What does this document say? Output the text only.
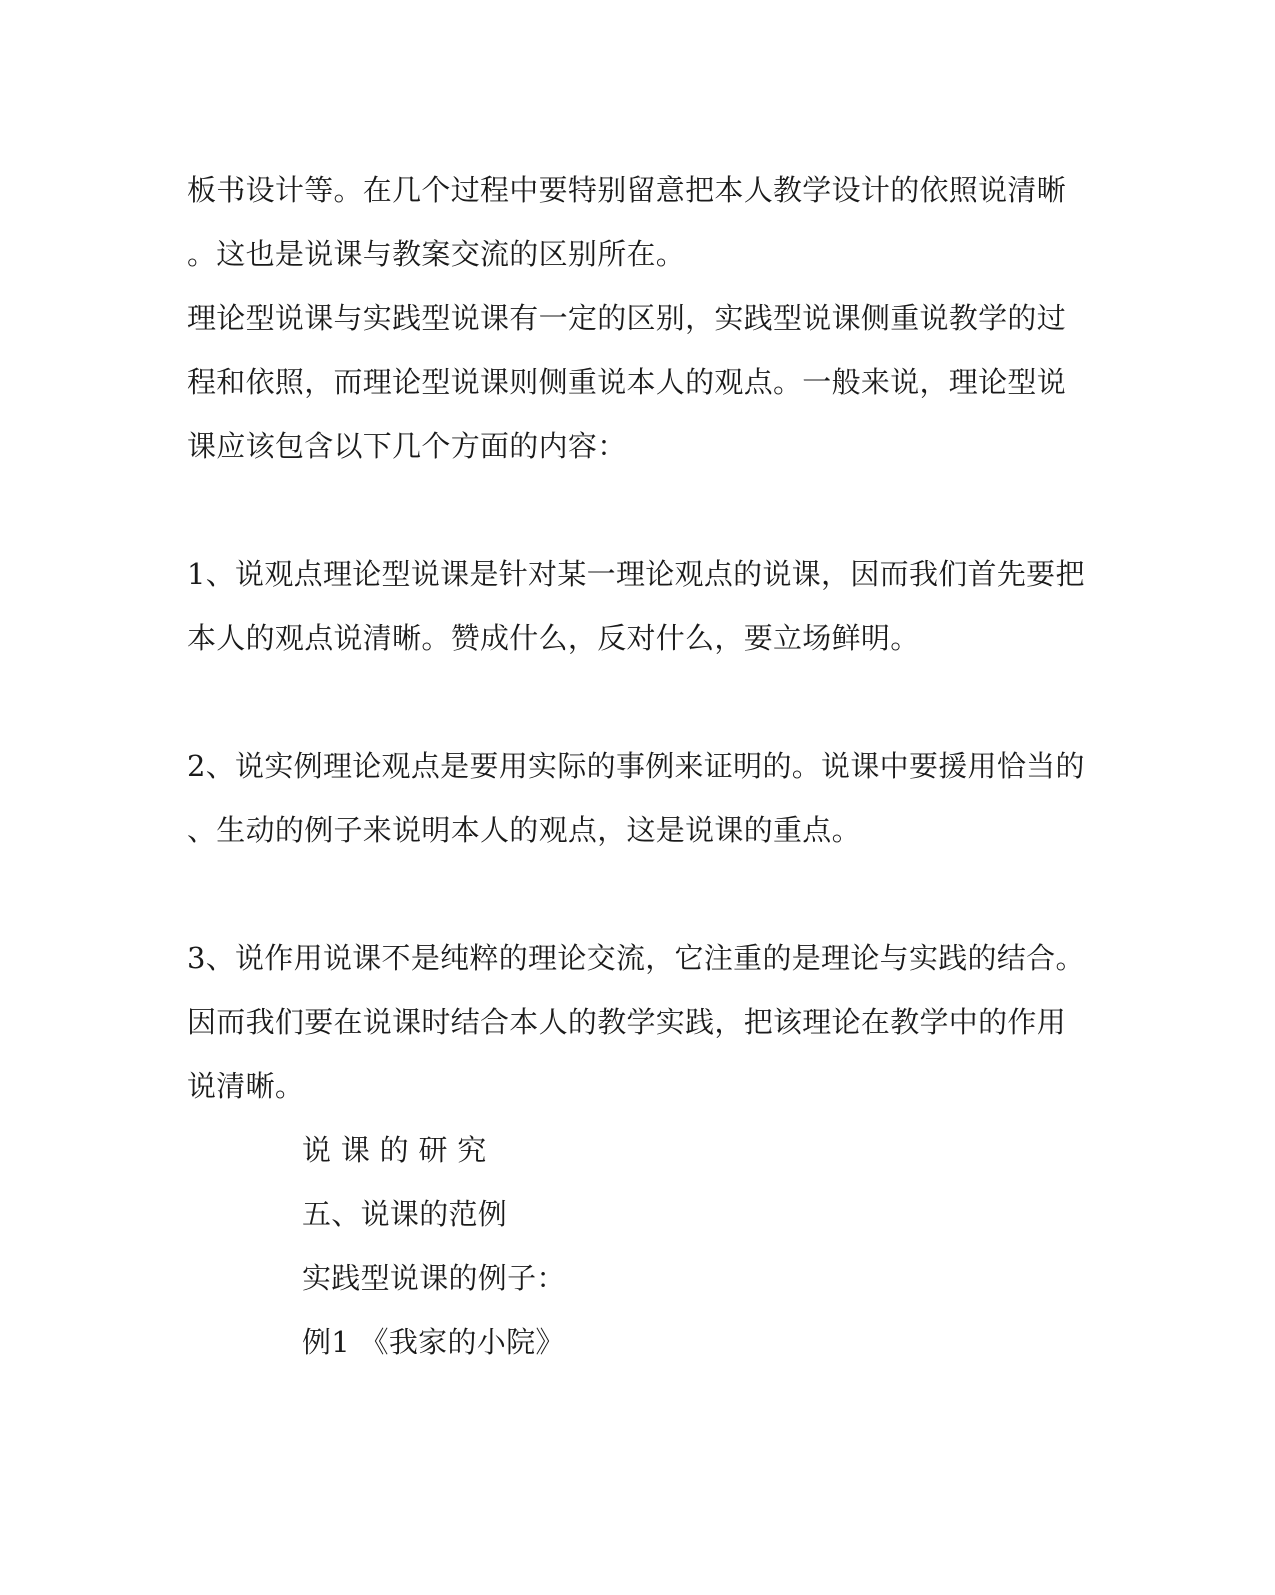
板书设计等。在几个过程中要特别留意把本人教学设计的依照说清晰
。这也是说课与教案交流的区别所在。
理论型说课与实践型说课有一定的区别，实践型说课侧重说教学的过
程和依照，而理论型说课则侧重说本人的观点。一般来说，理论型说
课应该包含以下几个方面的内容：
1、说观点理论型说课是针对某一理论观点的说课，因而我们首先要把
本人的观点说清晰。赞成什么，反对什么，要立场鲜明。
2、说实例理论观点是要用实际的事例来证明的。说课中要援用恰当的
、生动的例子来说明本人的观点，这是说课的重点。
3、说作用说课不是纯粹的理论交流，它注重的是理论与实践的结合。
因而我们要在说课时结合本人的教学实践，把该理论在教学中的作用
说清晰。
说 课 的 研 究
五、说课的范例
实践型说课的例子：
例1 《我家的小院》
